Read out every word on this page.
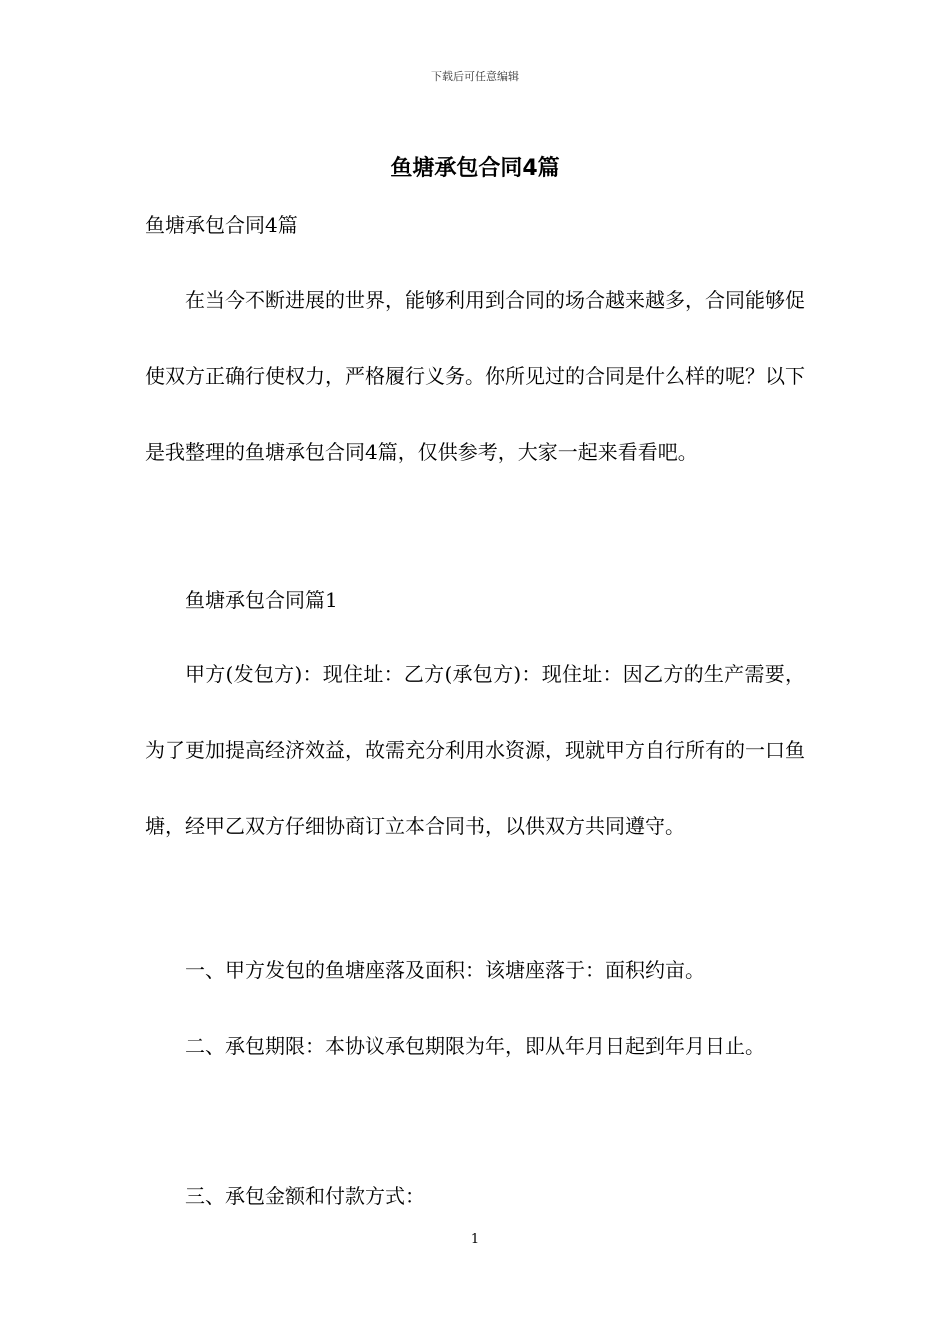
下载后可任意编辑
鱼塘承包合同4篇

鱼塘承包合同4篇

在当今不断进展的世界，能够利用到合同的场合越来越多，合同能够促使双方正确行使权力，严格履行义务。你所见过的合同是什么样的呢？以下是我整理的鱼塘承包合同4篇，仅供参考，大家一起来看看吧。

鱼塘承包合同篇1

甲方(发包方)：现住址：乙方(承包方)：现住址：因乙方的生产需要，为了更加提高经济效益，故需充分利用水资源，现就甲方自行所有的一口鱼塘，经甲乙双方仔细协商订立本合同书，以供双方共同遵守。

一、甲方发包的鱼塘座落及面积：该塘座落于：面积约亩。

二、承包期限：本协议承包期限为年，即从年月日起到年月日止。

三、承包金额和付款方式：

1
